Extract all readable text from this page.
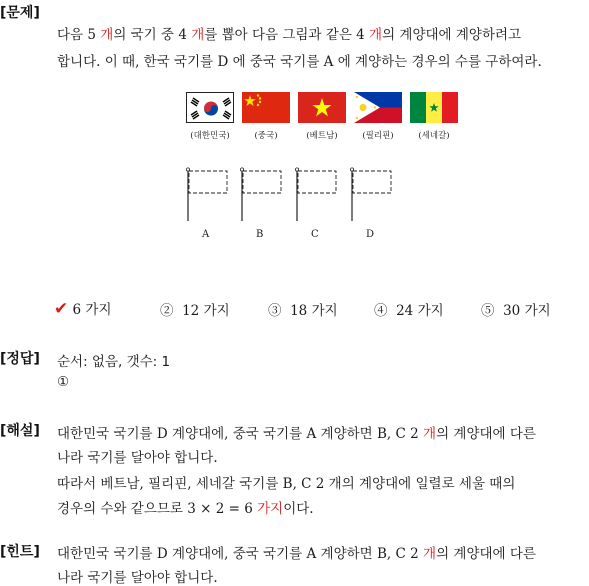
[문제]
다음 5 개의 국기 중 4 개를 뽑아 다음 그림과 같은 4 개의 계양대에 계양하려고
합니다. 이 때, 한국 국기를 D 에 중국 국기를 A 에 계양하는 경우의 수를 구하여라.
(대한민국)	(중국)	(베트남)	(필리핀)	(세네갈)
A	B	C	D
✔ 6 가지	② 12 가지	③ 18 가지	④ 24 가지	⑤ 30 가지
[정답] 순서: 없음, 갯수: 1
①
[해설] 대한민국 국기를 D 계양대에, 중국 국기를 A 계양하면 B, C 2 개의 계양대에 다른
나라 국기를 달아야 합니다.
따라서 베트남, 필리핀, 세네갈 국기를 B, C 2 개의 계양대에 일렬로 세울 때의
경우의 수와 같으므로 3 × 2 = 6 가지이다.
[힌트] 대한민국 국기를 D 계양대에, 중국 국기를 A 계양하면 B, C 2 개의 계양대에 다른
나라 국기를 달아야 합니다.
